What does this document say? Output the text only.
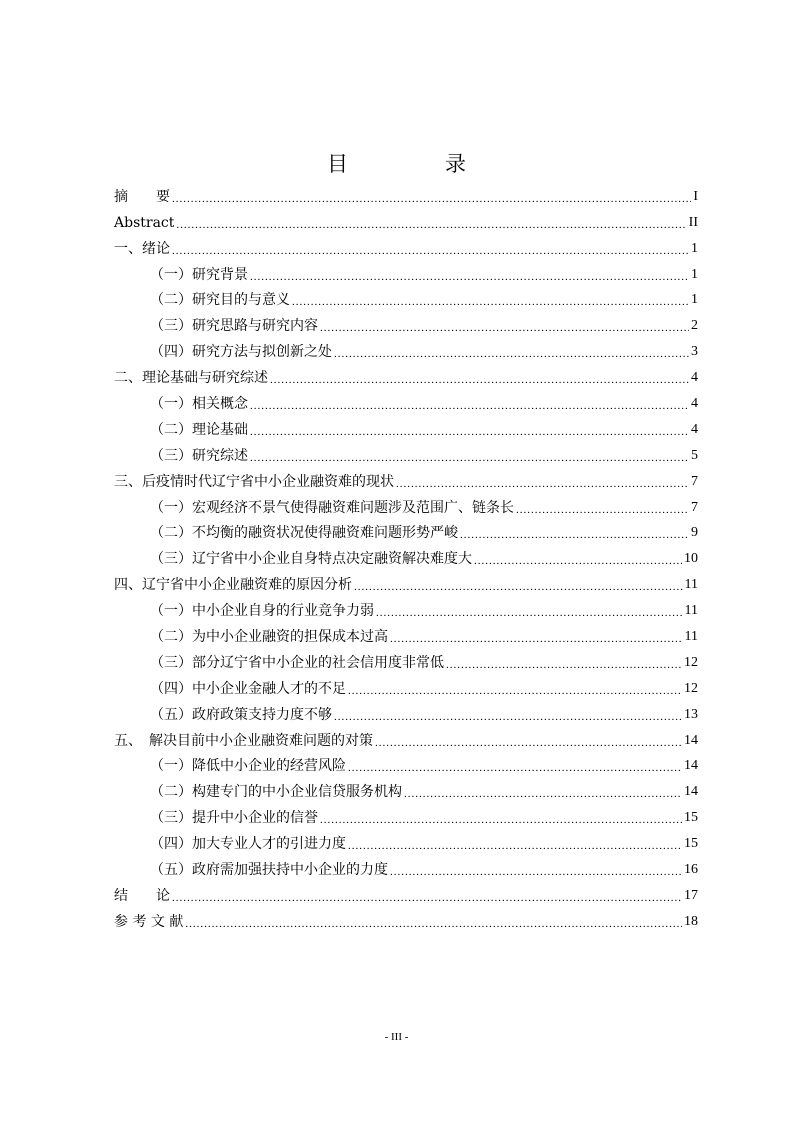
目　录
摘　　要 .....	I
Abstract .....	II
一、绪论 .....	1
（一）研究背景 .....	1
（二）研究目的与意义 .....	1
（三）研究思路与研究内容 .....	2
（四）研究方法与拟创新之处 .....	3
二、理论基础与研究综述 .....	4
（一）相关概念 .....	4
（二）理论基础 .....	4
（三）研究综述 .....	5
三、后疫情时代辽宁省中小企业融资难的现状 .....	7
（一）宏观经济不景气使得融资难问题涉及范围广、链条长 .....	7
（二）不均衡的融资状况使得融资难问题形势严峻 .....	9
（三）辽宁省中小企业自身特点决定融资解决难度大 .....	10
四、辽宁省中小企业融资难的原因分析 .....	11
（一）中小企业自身的行业竞争力弱 .....	11
（二）为中小企业融资的担保成本过高 .....	11
（三）部分辽宁省中小企业的社会信用度非常低 .....	12
（四）中小企业金融人才的不足 .....	12
（五）政府政策支持力度不够 .....	13
五、　解决目前中小企业融资难问题的对策 .....	14
（一）降低中小企业的经营风险 .....	14
（二）构建专门的中小企业信贷服务机构 .....	14
（三）提升中小企业的信誉 .....	15
（四）加大专业人才的引进力度 .....	15
（五）政府需加强扶持中小企业的力度 .....	16
结　　论 .....	17
参 考 文 献 .....	18
- III -
